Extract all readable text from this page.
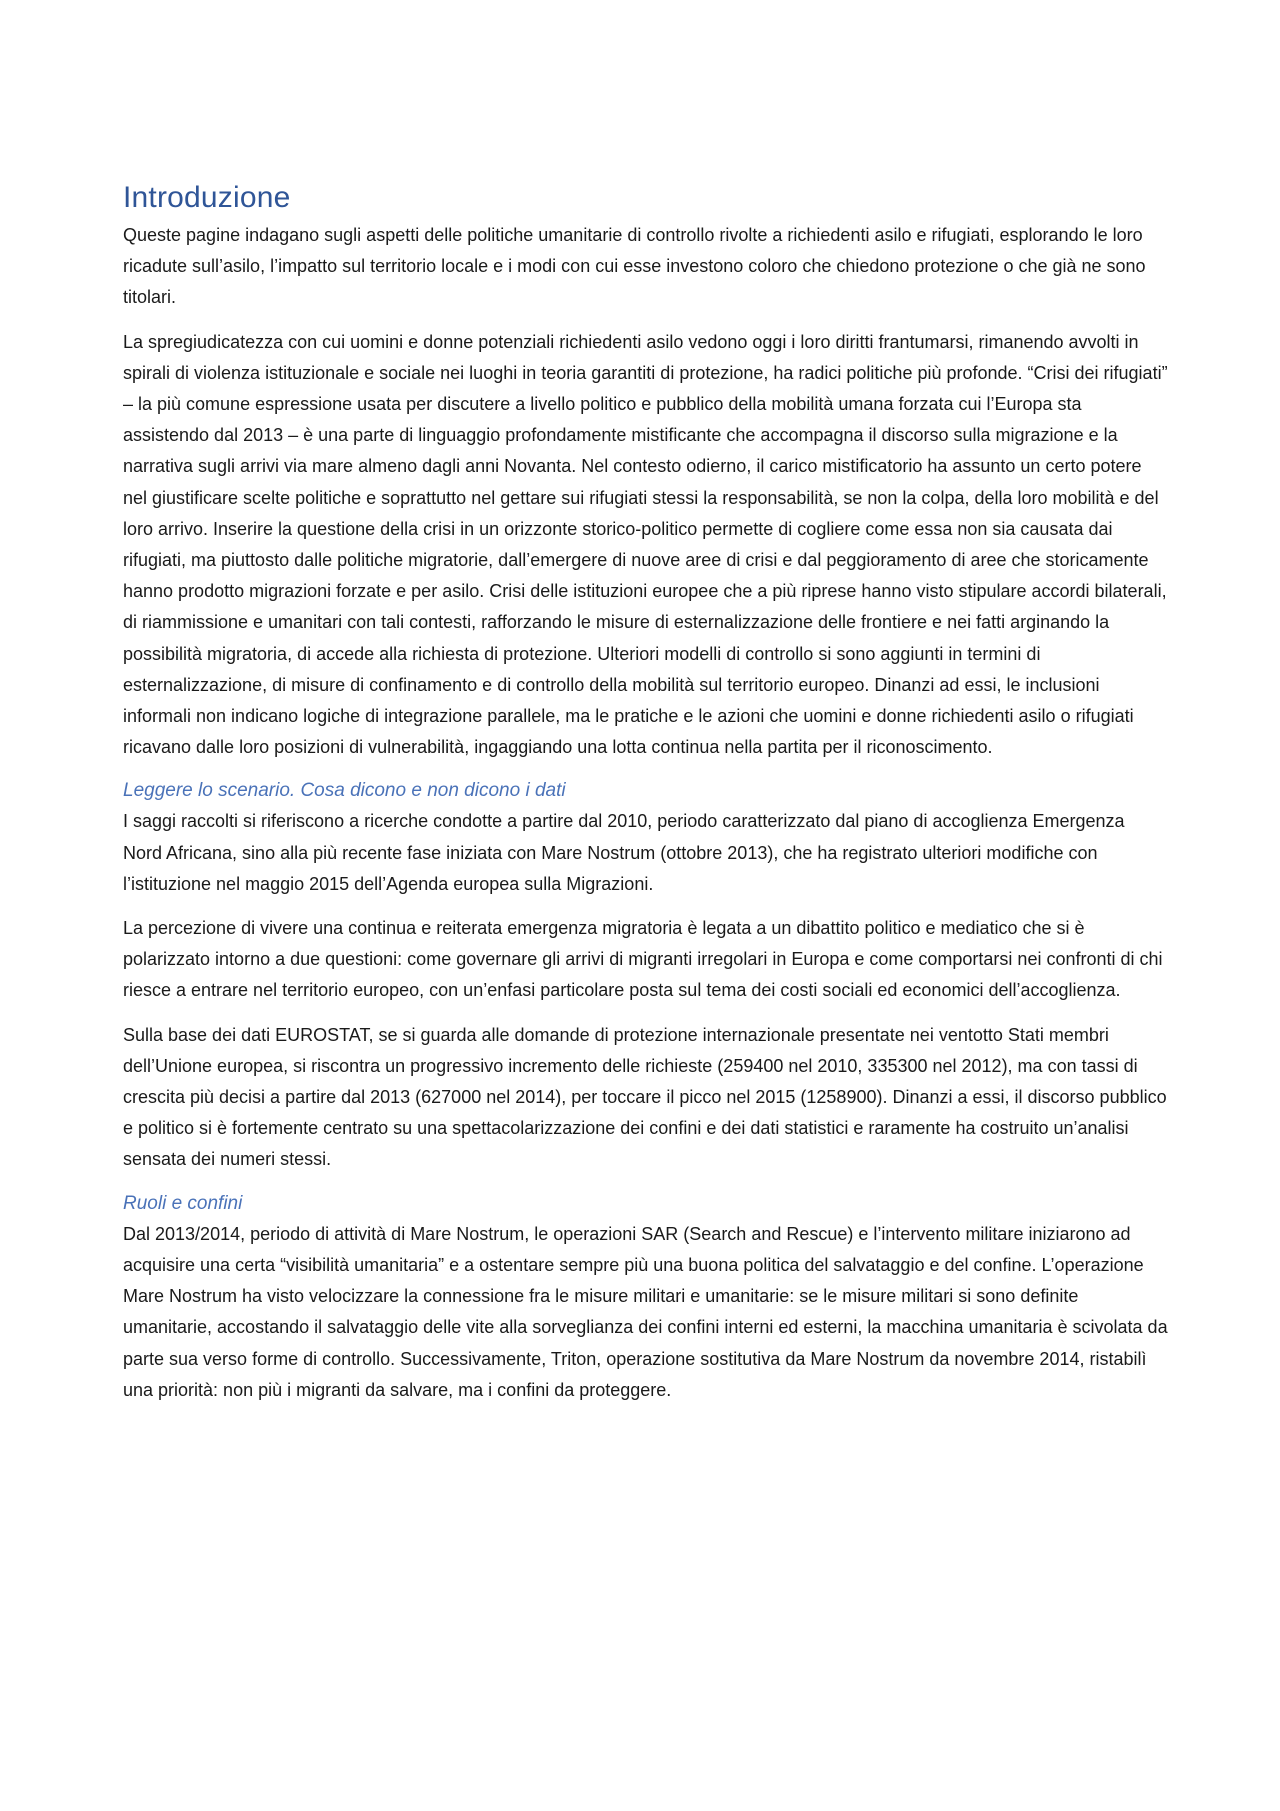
Introduzione

Queste pagine indagano sugli aspetti delle politiche umanitarie di controllo rivolte a richiedenti asilo e rifugiati, esplorando le loro ricadute sull’asilo, l’impatto sul territorio locale e i modi con cui esse investono coloro che chiedono protezione o che già ne sono titolari.

La spregiudicatezza con cui uomini e donne potenziali richiedenti asilo vedono oggi i loro diritti frantumarsi, rimanendo avvolti in spirali di violenza istituzionale e sociale nei luoghi in teoria garantiti di protezione, ha radici politiche più profonde. “Crisi dei rifugiati” – la più comune espressione usata per discutere a livello politico e pubblico della mobilità umana forzata cui l’Europa sta assistendo dal 2013 – è una parte di linguaggio profondamente mistificante che accompagna il discorso sulla migrazione e la narrativa sugli arrivi via mare almeno dagli anni Novanta. Nel contesto odierno, il carico mistificatorio ha assunto un certo potere nel giustificare scelte politiche e soprattutto nel gettare sui rifugiati stessi la responsabilità, se non la colpa, della loro mobilità e del loro arrivo. Inserire la questione della crisi in un orizzonte storico-politico permette di cogliere come essa non sia causata dai rifugiati, ma piuttosto dalle politiche migratorie, dall’emergere di nuove aree di crisi e dal peggioramento di aree che storicamente hanno prodotto migrazioni forzate e per asilo. Crisi delle istituzioni europee che a più riprese hanno visto stipulare accordi bilaterali, di riammissione e umanitari con tali contesti, rafforzando le misure di esternalizzazione delle frontiere e nei fatti arginando la possibilità migratoria, di accede alla richiesta di protezione. Ulteriori modelli di controllo si sono aggiunti in termini di esternalizzazione, di misure di confinamento e di controllo della mobilità sul territorio europeo. Dinanzi ad essi, le inclusioni informali non indicano logiche di integrazione parallele, ma le pratiche e le azioni che uomini e donne richiedenti asilo o rifugiati ricavano dalle loro posizioni di vulnerabilità, ingaggiando una lotta continua nella partita per il riconoscimento.

Leggere lo scenario. Cosa dicono e non dicono i dati

I saggi raccolti si riferiscono a ricerche condotte a partire dal 2010, periodo caratterizzato dal piano di accoglienza Emergenza Nord Africana, sino alla più recente fase iniziata con Mare Nostrum (ottobre 2013), che ha registrato ulteriori modifiche con l’istituzione nel maggio 2015 dell’Agenda europea sulla Migrazioni.

La percezione di vivere una continua e reiterata emergenza migratoria è legata a un dibattito politico e mediatico che si è polarizzato intorno a due questioni: come governare gli arrivi di migranti irregolari in Europa e come comportarsi nei confronti di chi riesce a entrare nel territorio europeo, con un’enfasi particolare posta sul tema dei costi sociali ed economici dell’accoglienza.

Sulla base dei dati EUROSTAT, se si guarda alle domande di protezione internazionale presentate nei ventotto Stati membri dell’Unione europea, si riscontra un progressivo incremento delle richieste (259400 nel 2010, 335300 nel 2012), ma con tassi di crescita più decisi a partire dal 2013 (627000 nel 2014), per toccare il picco nel 2015 (1258900). Dinanzi a essi, il discorso pubblico e politico si è fortemente centrato su una spettacolarizzazione dei confini e dei dati statistici e raramente ha costruito un’analisi sensata dei numeri stessi.

Ruoli e confini

Dal 2013/2014, periodo di attività di Mare Nostrum, le operazioni SAR (Search and Rescue) e l’intervento militare iniziarono ad acquisire una certa “visibilità umanitaria” e a ostentare sempre più una buona politica del salvataggio e del confine. L’operazione Mare Nostrum ha visto velocizzare la connessione fra le misure militari e umanitarie: se le misure militari si sono definite umanitarie, accostando il salvataggio delle vite alla sorveglianza dei confini interni ed esterni, la macchina umanitaria è scivolata da parte sua verso forme di controllo. Successivamente, Triton, operazione sostitutiva da Mare Nostrum da novembre 2014, ristabilì una priorità: non più i migranti da salvare, ma i confini da proteggere.
